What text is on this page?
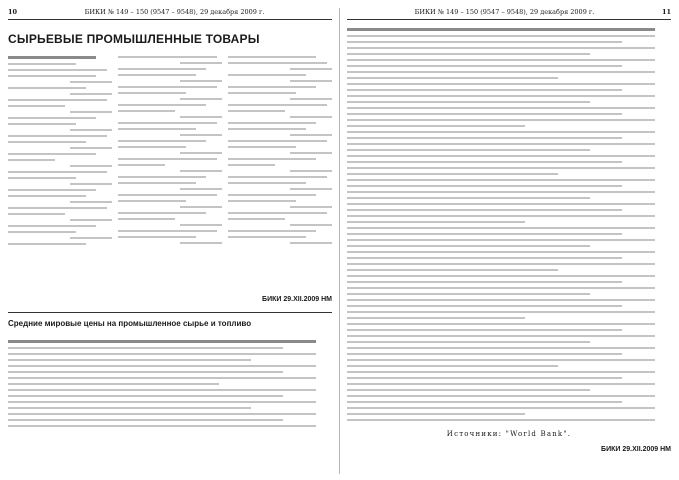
10	БИКИ № 149 – 150 (9547 – 9548), 29 декабря 2009 г.
СЫРЬЕВЫЕ ПРОМЫШЛЕННЫЕ ТОВАРЫ
БИКИ 29.XII.2009 НМ
Средние мировые цены на промышленное сырье и топливо
БИКИ № 149 – 150 (9547 – 9548), 29 декабря 2009 г.	11
Источники: "World Bank".
БИКИ 29.XII.2009 НМ
